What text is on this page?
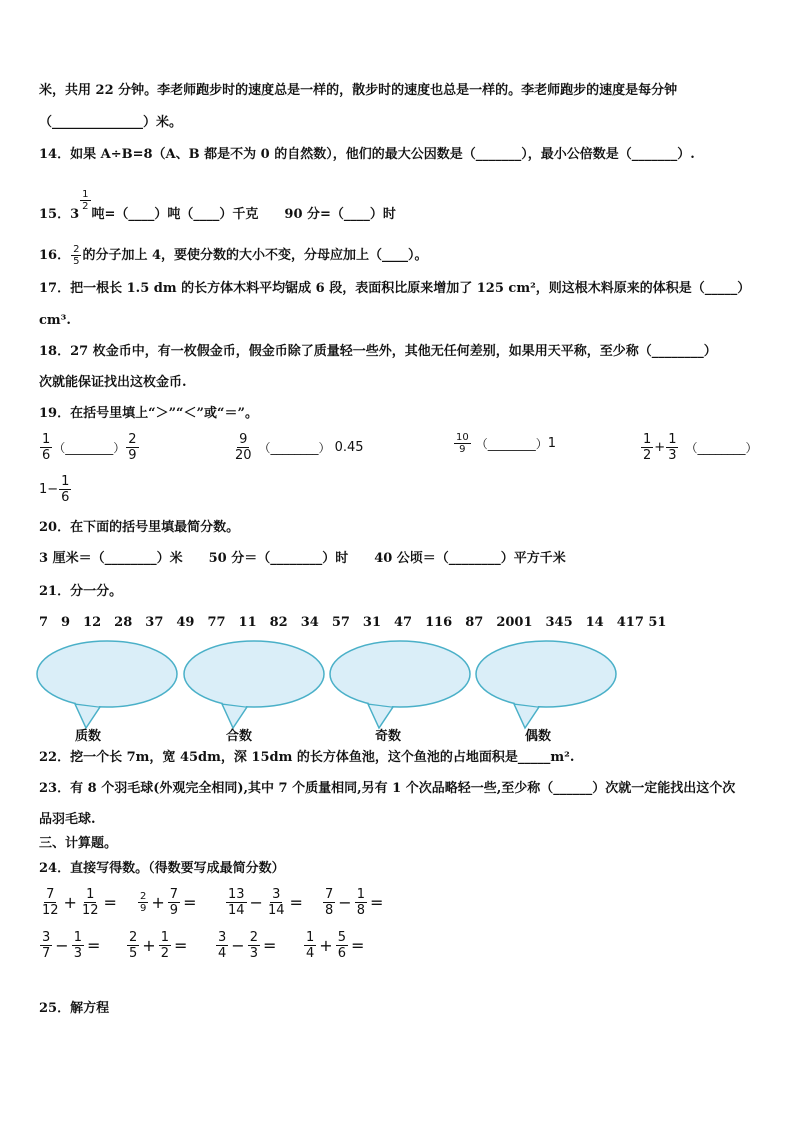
米，共用 22 分钟。李老师跑步时的速度总是一样的，散步时的速度也总是一样的。李老师跑步的速度是每分钟
（______________）米。
14．如果 A÷B=8（A、B 都是不为 0 的自然数），他们的最大公因数是（_______），最小公倍数是（_______）.
15．3
$\frac{1}{2}$
吨=（____）吨（____）千克　　90 分=（____）时
16． $\frac{2}{5}$ 的分子加上 4，要使分数的大小不变，分母应加上（____）。
17．把一根长 1.5 dm 的长方体木料平均锯成 6 段，表面积比原来增加了 125 cm²，则这根木料原来的体积是（_____）
cm³.
18．27 枚金币中，有一枚假金币，假金币除了质量轻一些外，其他无任何差别，如果用天平称，至少称（________）
次就能保证找出这枚金币.
19．在括号里填上“＞”“＜”或“＝”。
$\frac{1}{6}$ （________） $\frac{2}{9}$	$\frac{9}{20}$ （________） 0.45	$\frac{10}{9}$ （________） 1	$\frac{1}{2} + \frac{1}{3}$ （________）
$1- \frac{1}{6}$
20．在下面的括号里填最简分数。
3 厘米＝（________）米　　50 分＝（________）时　　40 公顷＝（________）平方千米
21．分一分。
7　9　12　28　37　49　77　11　82　34　57　31　47　116　87　2001　345　14　417 51
质数	合数	奇数	偶数
22．挖一个长 7m，宽 45dm，深 15dm 的长方体鱼池，这个鱼池的占地面积是_____m².
23．有 8 个羽毛球(外观完全相同),其中 7 个质量相同,另有 1 个次品略轻一些,至少称（______）次就一定能找出这个次
品羽毛球.
三、计算题。
24．直接写得数。（得数要写成最简分数）
$\frac{7}{12} + \frac{1}{12} = \frac{2}{9} + \frac{7}{9} = \frac{13}{14} - \frac{3}{14} = \frac{7}{8} - \frac{1}{8}$ =
$\frac{3}{7} - \frac{1}{3} = \frac{2}{5} + \frac{1}{2} = \frac{3}{4} - \frac{2}{3} = \frac{1}{4} + \frac{5}{6}$ =
25．解方程
